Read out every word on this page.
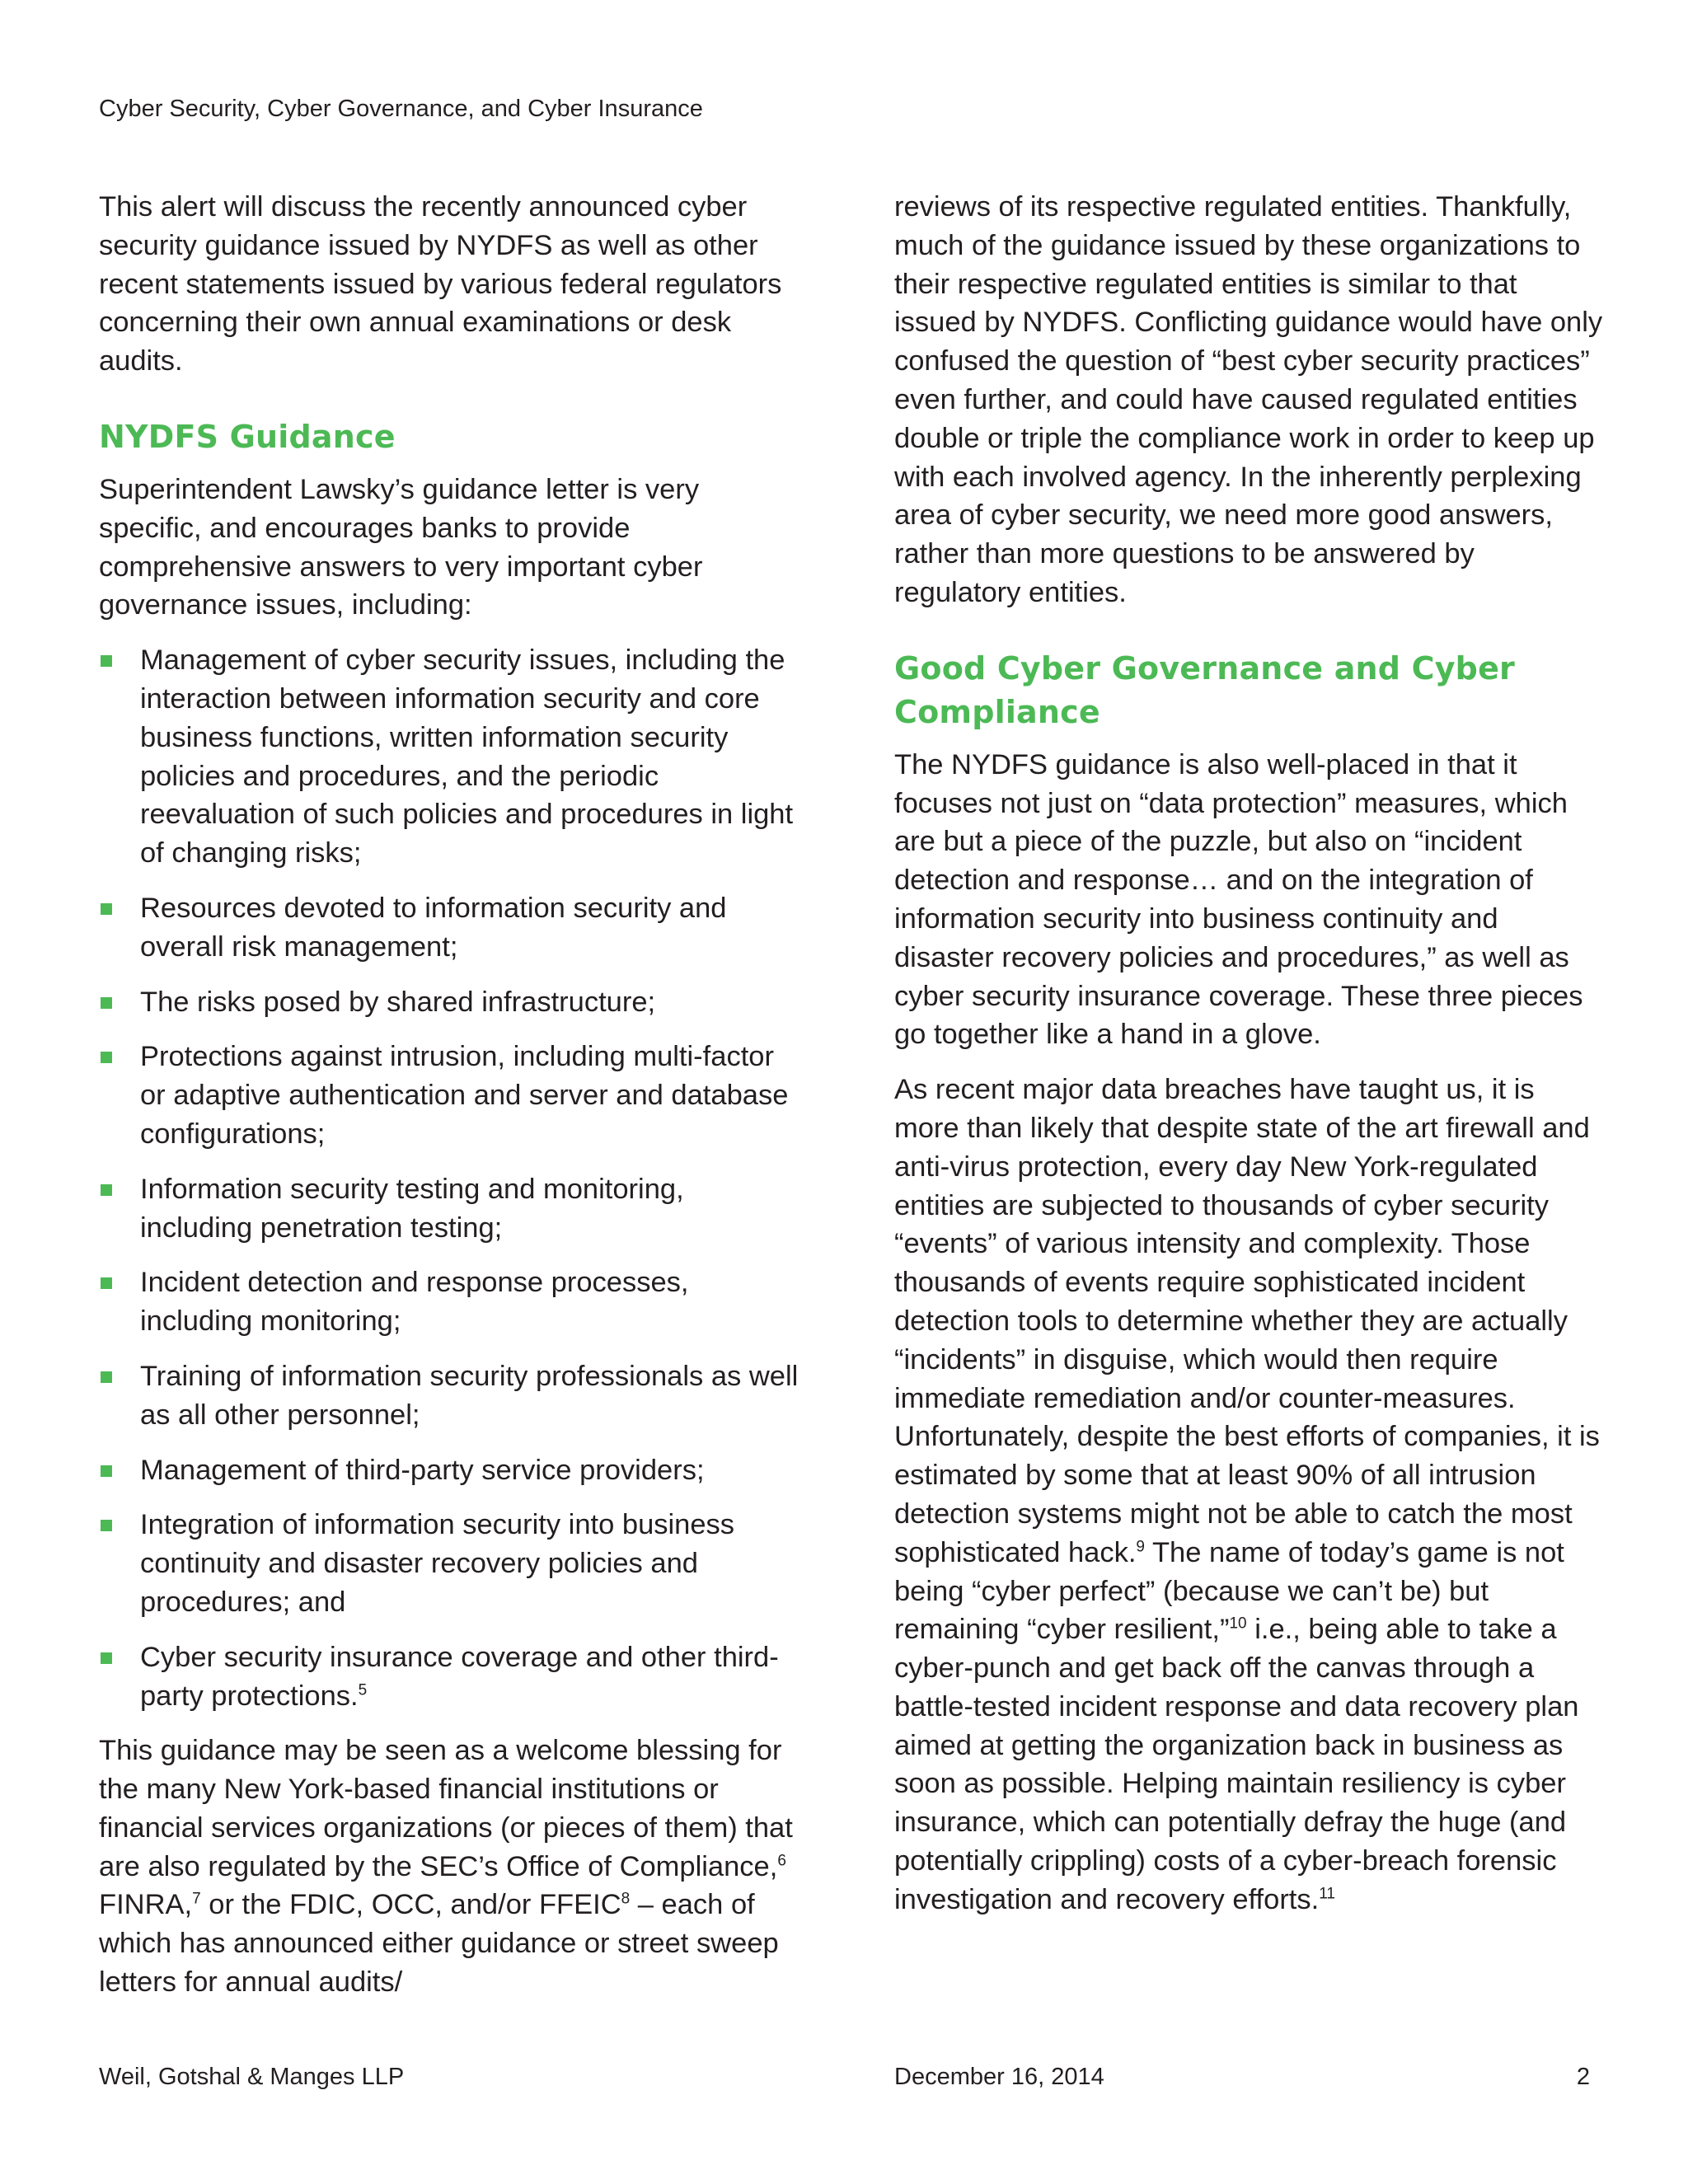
Cyber Security, Cyber Governance, and Cyber Insurance

This alert will discuss the recently announced cyber security guidance issued by NYDFS as well as other recent statements issued by various federal regulators concerning their own annual examinations or desk audits.

NYDFS Guidance

Superintendent Lawsky’s guidance letter is very specific, and encourages banks to provide comprehensive answers to very important cyber governance issues, including:

Management of cyber security issues, including the interaction between information security and core business functions, written information security policies and procedures, and the periodic reevaluation of such policies and procedures in light of changing risks;
Resources devoted to information security and overall risk management;
The risks posed by shared infrastructure;
Protections against intrusion, including multi-factor or adaptive authentication and server and database configurations;
Information security testing and monitoring, including penetration testing;
Incident detection and response processes, including monitoring;
Training of information security professionals as well as all other personnel;
Management of third-party service providers;
Integration of information security into business continuity and disaster recovery policies and procedures; and
Cyber security insurance coverage and other third-party protections.$^5$

This guidance may be seen as a welcome blessing for the many New York-based financial institutions or financial services organizations (or pieces of them) that are also regulated by the SEC’s Office of Compliance,$^6$ FINRA,$^7$ or the FDIC, OCC, and/or FFEIC$^8$ – each of which has announced either guidance or street sweep letters for annual audits/

reviews of its respective regulated entities. Thankfully, much of the guidance issued by these organizations to their respective regulated entities is similar to that issued by NYDFS. Conflicting guidance would have only confused the question of “best cyber security practices” even further, and could have caused regulated entities double or triple the compliance work in order to keep up with each involved agency. In the inherently perplexing area of cyber security, we need more good answers, rather than more questions to be answered by regulatory entities.

Good Cyber Governance and Cyber Compliance

The NYDFS guidance is also well-placed in that it focuses not just on “data protection” measures, which are but a piece of the puzzle, but also on “incident detection and response… and on the integration of information security into business continuity and disaster recovery policies and procedures,” as well as cyber security insurance coverage. These three pieces go together like a hand in a glove.

As recent major data breaches have taught us, it is more than likely that despite state of the art firewall and anti-virus protection, every day New York-regulated entities are subjected to thousands of cyber security “events” of various intensity and complexity. Those thousands of events require sophisticated incident detection tools to determine whether they are actually “incidents” in disguise, which would then require immediate remediation and/or counter-measures. Unfortunately, despite the best efforts of companies, it is estimated by some that at least 90% of all intrusion detection systems might not be able to catch the most sophisticated hack.$^9$ The name of today’s game is not being “cyber perfect” (because we can’t be) but remaining “cyber resilient,”$^{10}$ i.e., being able to take a cyber-punch and get back off the canvas through a battle-tested incident response and data recovery plan aimed at getting the organization back in business as soon as possible. Helping maintain resiliency is cyber insurance, which can potentially defray the huge (and potentially crippling) costs of a cyber-breach forensic investigation and recovery efforts.$^{11}$

Weil, Gotshal & Manges LLP	December 16, 2014	2
